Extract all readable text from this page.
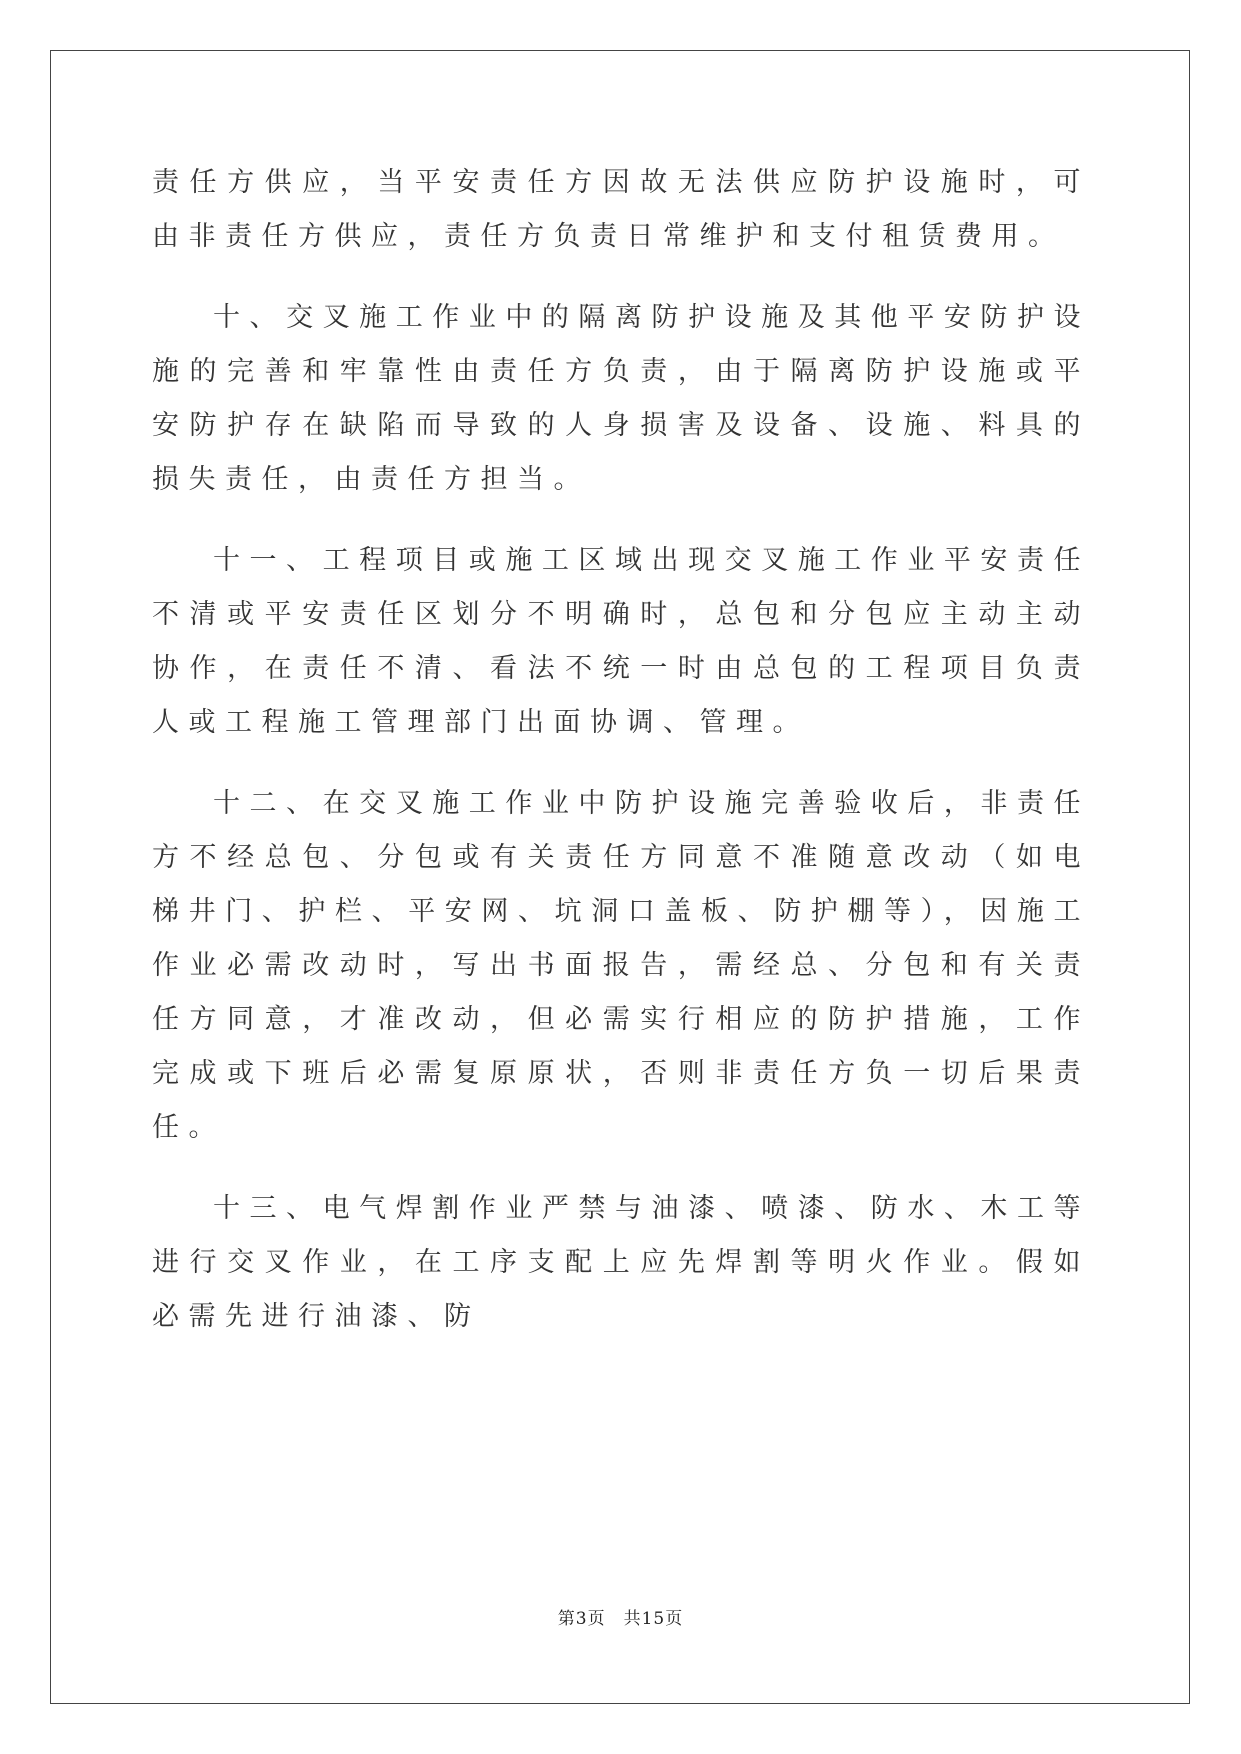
责任方供应，当平安责任方因故无法供应防护设施时，可由非责任方供应，责任方负责日常维护和支付租赁费用。

十、交叉施工作业中的隔离防护设施及其他平安防护设施的完善和牢靠性由责任方负责，由于隔离防护设施或平安防护存在缺陷而导致的人身损害及设备、设施、料具的损失责任，由责任方担当。

十一、工程项目或施工区域出现交叉施工作业平安责任不清或平安责任区划分不明确时，总包和分包应主动主动协作，在责任不清、看法不统一时由总包的工程项目负责人或工程施工管理部门出面协调、管理。

十二、在交叉施工作业中防护设施完善验收后，非责任方不经总包、分包或有关责任方同意不准随意改动（如电梯井门、护栏、平安网、坑洞口盖板、防护棚等），因施工作业必需改动时，写出书面报告，需经总、分包和有关责任方同意，才准改动，但必需实行相应的防护措施，工作完成或下班后必需复原原状，否则非责任方负一切后果责任。

十三、电气焊割作业严禁与油漆、喷漆、防水、木工等进行交叉作业，在工序支配上应先焊割等明火作业。假如必需先进行油漆、防

第3页 共15页
